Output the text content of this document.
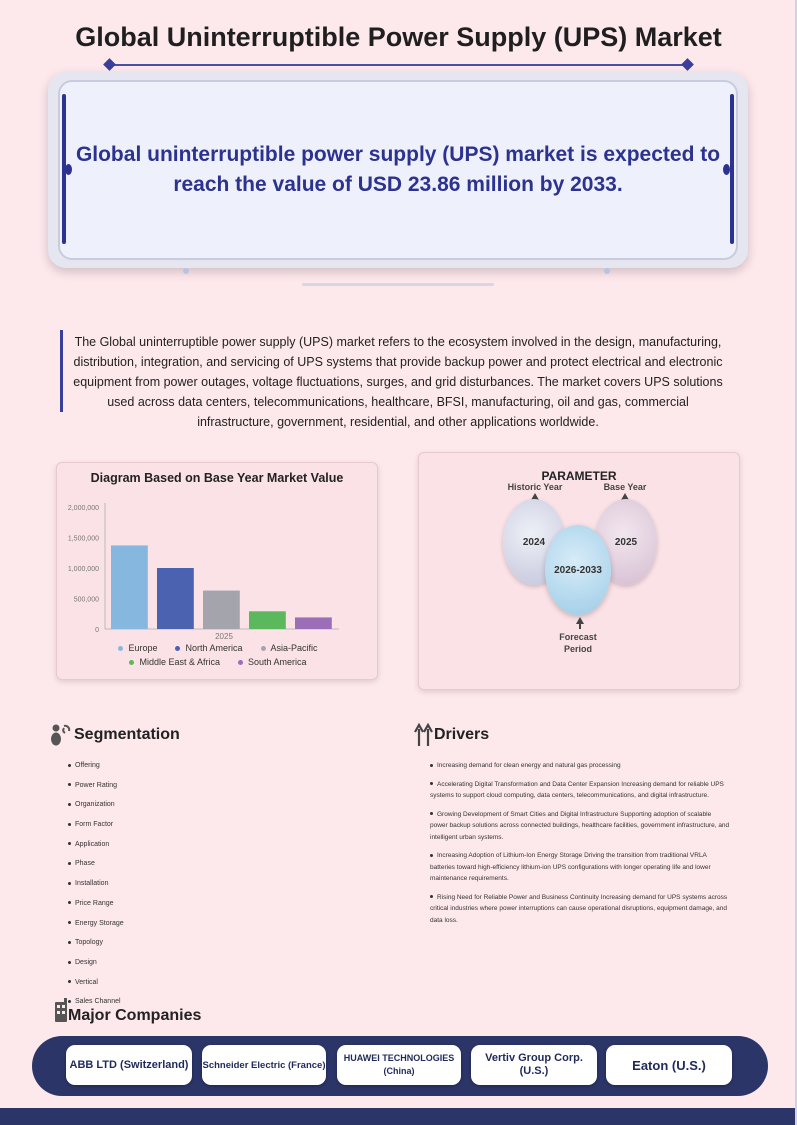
Global Uninterruptible Power Supply (UPS) Market
Global uninterruptible power supply (UPS) market is expected to reach the value of USD 23.86 million by 2033.
The Global uninterruptible power supply (UPS) market refers to the ecosystem involved in the design, manufacturing, distribution, integration, and servicing of UPS systems that provide backup power and protect electrical and electronic equipment from power outages, voltage fluctuations, surges, and grid disturbances. The market covers UPS solutions used across data centers, telecommunications, healthcare, BFSI, manufacturing, oil and gas, commercial infrastructure, government, residential, and other applications worldwide.
Diagram Based on Base Year Market Value
0
500,000
1,000,000
1,500,000
2,000,000
2025
Europe	North America	Asia-Pacific
Middle East & Africa	South America
PARAMETER
Historic Year	Base Year
2024	2025
2026-2033
Forecast
Period
Segmentation
Offering
Power Rating
Organization
Form Factor
Application
Phase
Installation
Price Range
Energy Storage
Topology
Design
Vertical
Sales Channel
Drivers
Increasing demand for clean energy and natural gas processing
Accelerating Digital Transformation and Data Center Expansion Increasing demand for reliable UPS systems to support cloud computing, data centers, telecommunications, and digital infrastructure.
Growing Development of Smart Cities and Digital Infrastructure Supporting adoption of scalable power backup solutions across connected buildings, healthcare facilities, government infrastructure, and intelligent urban systems.
Increasing Adoption of Lithium-Ion Energy Storage Driving the transition from traditional VRLA batteries toward high-efficiency lithium-ion UPS configurations with longer operating life and lower maintenance requirements.
Rising Need for Reliable Power and Business Continuity Increasing demand for UPS systems across critical industries where power interruptions can cause operational disruptions, equipment damage, and data loss.
Major Companies
ABB LTD (Switzerland)	Schneider Electric (France)
HUAWEI TECHNOLOGIES (China)
Vertiv Group Corp. (U.S.)	Eaton (U.S.)
